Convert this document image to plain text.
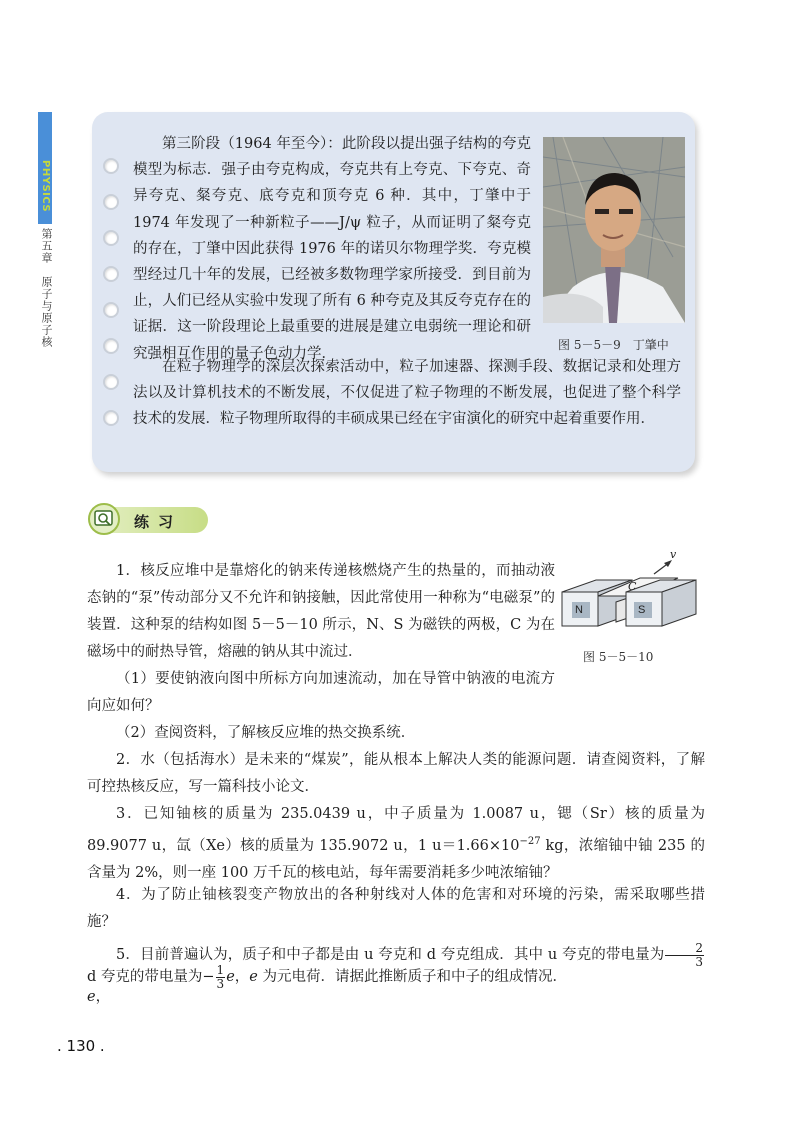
PHYSICS
第五章　原子与原子核

第三阶段（1964 年至今）：此阶段以提出强子结构的夸克模型为标志．强子由夸克构成，夸克共有上夸克、下夸克、奇异夸克、粲夸克、底夸克和顶夸克 6 种．其中，丁肇中于 1974 年发现了一种新粒子——J/ψ 粒子，从而证明了粲夸克的存在，丁肇中因此获得 1976 年的诺贝尔物理学奖．夸克模型经过几十年的发展，已经被多数物理学家所接受．到目前为止，人们已经从实验中发现了所有 6 种夸克及其反夸克存在的证据．这一阶段理论上最重要的进展是建立电弱统一理论和研究强相互作用的量子色动力学．

在粒子物理学的深层次探索活动中，粒子加速器、探测手段、数据记录和处理方法以及计算机技术的不断发展，不仅促进了粒子物理的不断发展，也促进了整个科学技术的发展．粒子物理所取得的丰硕成果已经在宇宙演化的研究中起着重要作用．

图 5－5－9　丁肇中
练习
N	S
C
v
图 5－5－10

1．核反应堆中是靠熔化的钠来传递核燃烧产生的热量的，而抽动液态钠的“泵”传动部分又不允许和钠接触，因此常使用一种称为“电磁泵”的装置．这种泵的结构如图 5－5－10 所示，N、S 为磁铁的两极，C 为在磁场中的耐热导管，熔融的钠从其中流过．

（1）要使钠液向图中所标方向加速流动，加在导管中钠液的电流方向应如何？

（2）查阅资料，了解核反应堆的热交换系统．

2．水（包括海水）是未来的“煤炭”，能从根本上解决人类的能源问题．请查阅资料，了解可控热核反应，写一篇科技小论文．

3．已知铀核的质量为 235.0439 u，中子质量为 1.0087 u，锶（Sr）核的质量为 89.9077 u，氙（Xe）核的质量为 135.9072 u，1 $u=1.66\times 10^{-27}$ kg，浓缩铀中铀 235 的含量为 2%，则一座 100 万千瓦的核电站，每年需要消耗多少吨浓缩铀？

4．为了防止铀核裂变产物放出的各种射线对人体的危害和对环境的污染，需采取哪些措施？

5．目前普遍认为，质子和中子都是由 u 夸克和 d 夸克组成．其中 u 夸克的带电量为 $\frac{2}{3}$
e，

d 夸克的带电量为− $\frac{1}{3}$ e，e 为元电荷．请据此推断质子和中子的组成情况．

. 130 .
